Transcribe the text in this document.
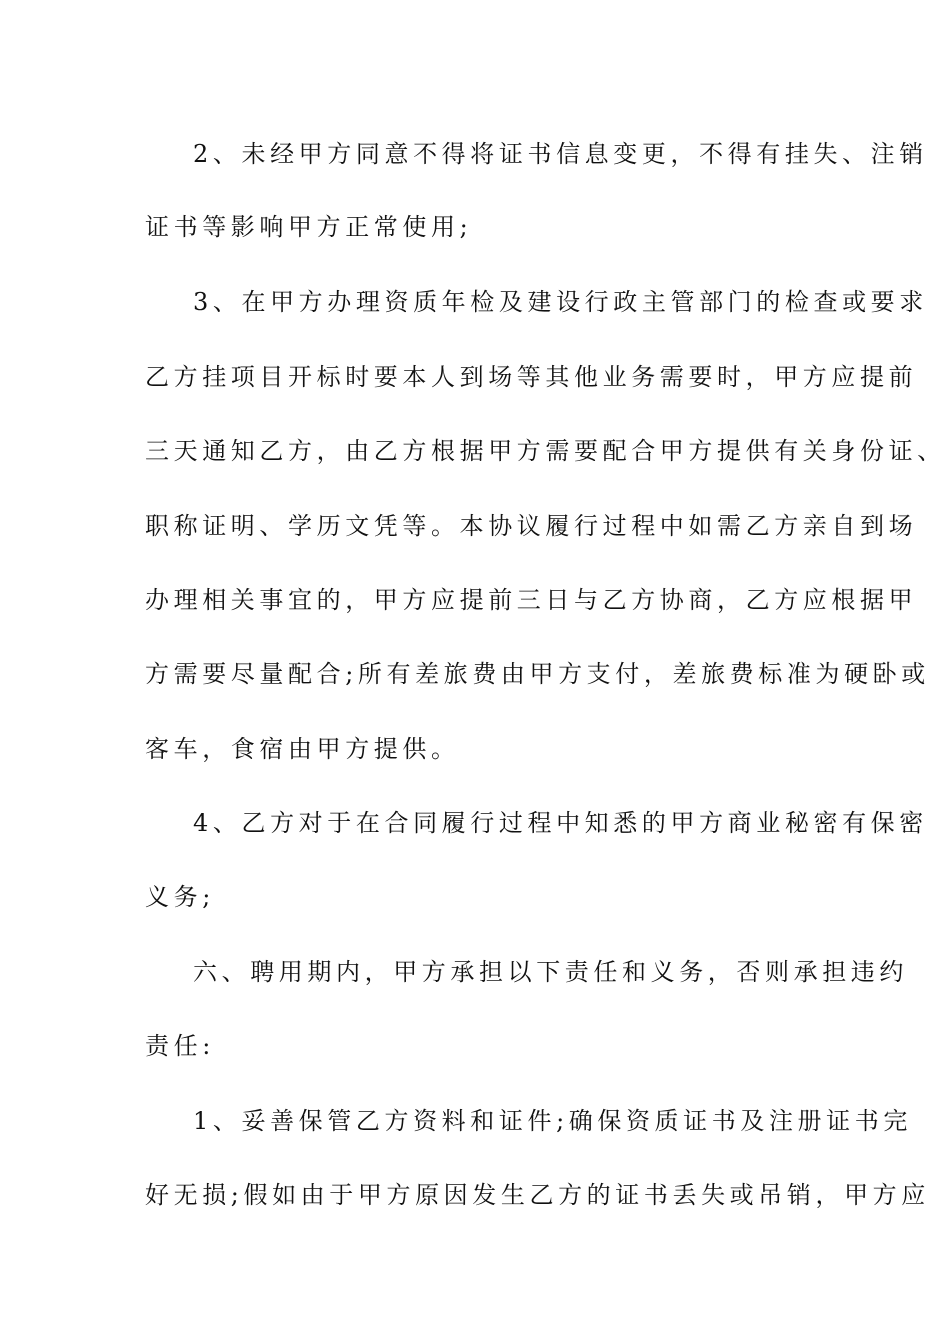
2、未经甲方同意不得将证书信息变更，不得有挂失、注销
证书等影响甲方正常使用;
3、在甲方办理资质年检及建设行政主管部门的检查或要求
乙方挂项目开标时要本人到场等其他业务需要时，甲方应提前
三天通知乙方，由乙方根据甲方需要配合甲方提供有关身份证、
职称证明、学历文凭等。本协议履行过程中如需乙方亲自到场
办理相关事宜的，甲方应提前三日与乙方协商，乙方应根据甲
方需要尽量配合;所有差旅费由甲方支付，差旅费标准为硬卧或
客车，食宿由甲方提供。
4、乙方对于在合同履行过程中知悉的甲方商业秘密有保密
义务;
六、聘用期内，甲方承担以下责任和义务，否则承担违约
责任:
1、妥善保管乙方资料和证件;确保资质证书及注册证书完
好无损;假如由于甲方原因发生乙方的证书丢失或吊销，甲方应
